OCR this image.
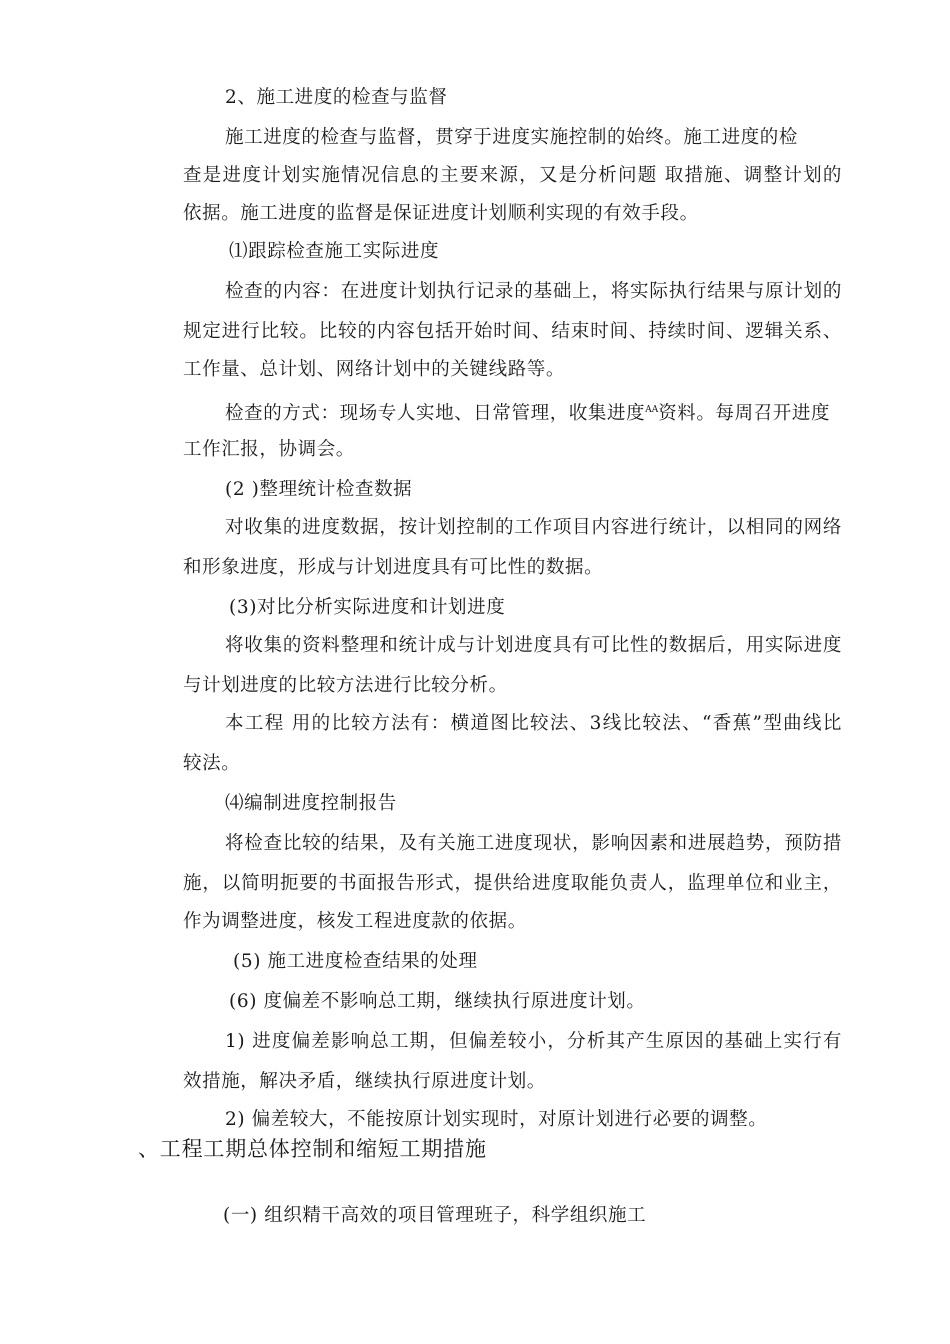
2、施工进度的检查与监督
施工进度的检查与监督，贯穿于进度实施控制的始终。施工进度的检
查是进度计划实施情况信息的主要来源，又是分析问题 取措施、调整计划的
依据。施工进度的监督是保证进度计划顺利实现的有效手段。
⑴跟踪检查施工实际进度
检查的内容：在进度计划执行记录的基础上，将实际执行结果与原计划的
规定进行比较。比较的内容包括开始时间、结束时间、持续时间、逻辑关系、
工作量、总计划、网络计划中的关键线路等。
检查的方式：现场专人实地、日常管理，收集进度$^{AA}$资料。每周召开进度
工作汇报，协调会。
(2 )整理统计检查数据
对收集的进度数据，按计划控制的工作项目内容进行统计，以相同的网络
和形象进度，形成与计划进度具有可比性的数据。
(3)对比分析实际进度和计划进度
将收集的资料整理和统计成与计划进度具有可比性的数据后，用实际进度
与计划进度的比较方法进行比较分析。
本工程 用的比较方法有：横道图比较法、3线比较法、“香蕉”型曲线比
较法。
⑷编制进度控制报告
将检查比较的结果，及有关施工进度现状，影响因素和进展趋势，预防措
施，以简明扼要的书面报告形式，提供给进度取能负责人，监理单位和业主，
作为调整进度，核发工程进度款的依据。
(5) 施工进度检查结果的处理
(6) 度偏差不影响总工期，继续执行原进度计划。
1) 进度偏差影响总工期，但偏差较小，分析其产生原因的基础上实行有
效措施，解决矛盾，继续执行原进度计划。
2) 偏差较大，不能按原计划实现时，对原计划进行必要的调整。
、工程工期总体控制和缩短工期措施
(一) 组织精干高效的项目管理班子，科学组织施工
